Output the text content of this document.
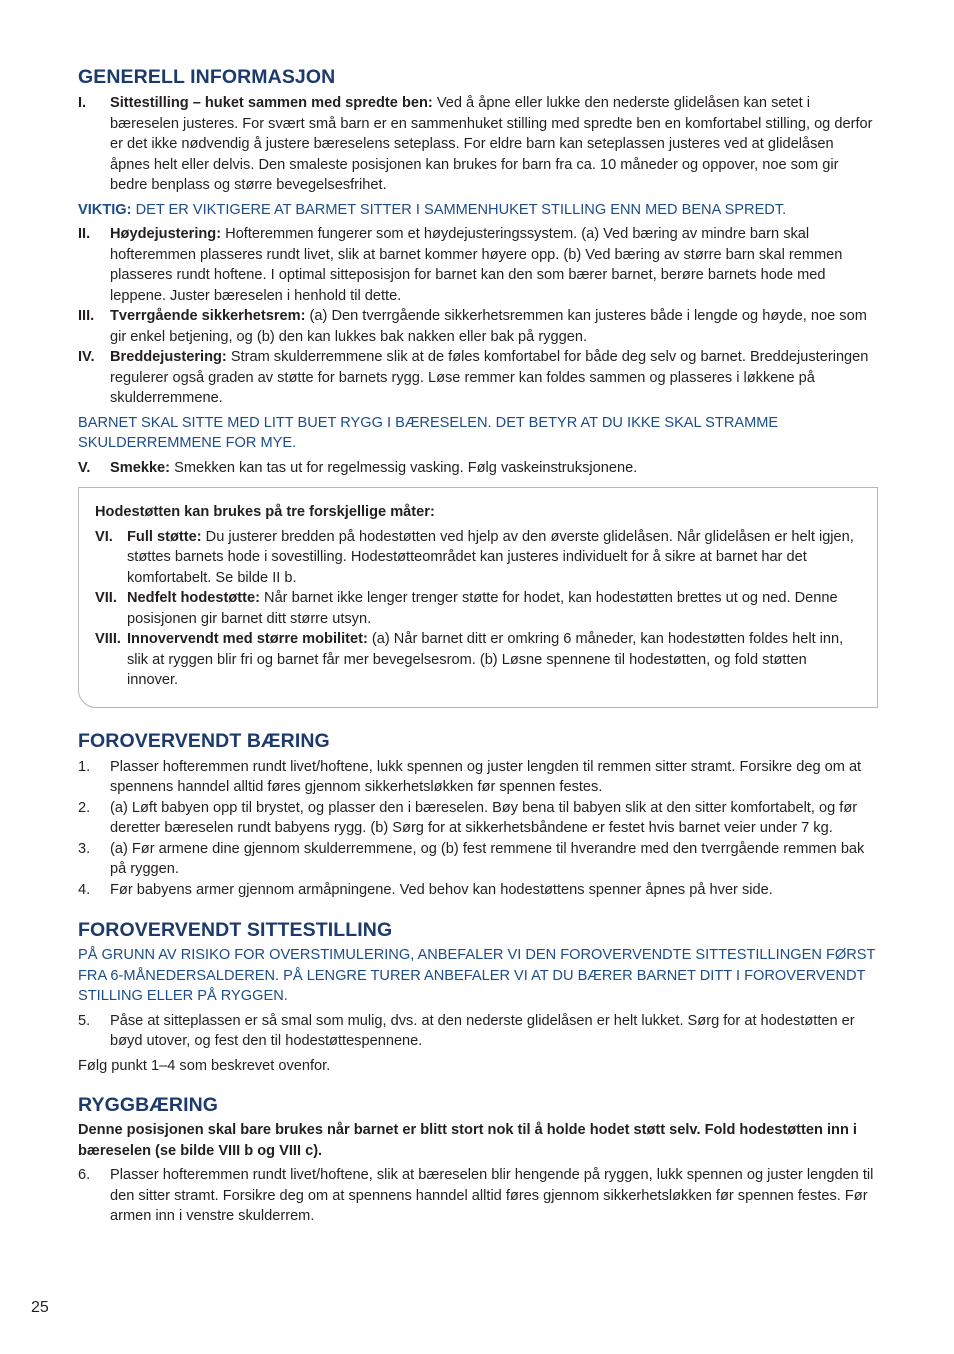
GENERELL INFORMASJON
I. Sittestilling – huket sammen med spredte ben: Ved å åpne eller lukke den nederste glidelåsen kan setet i bæreselen justeres. For svært små barn er en sammenhuket stilling med spredte ben en komfortabel stilling, og derfor er det ikke nødvendig å justere bæreselens seteplass. For eldre barn kan seteplassen justeres ved at glidelåsen åpnes helt eller delvis. Den smaleste posisjonen kan brukes for barn fra ca. 10 måneder og oppover, noe som gir bedre benplass og større bevegelsesfrihet.
VIKTIG: DET ER VIKTIGERE AT BARMET SITTER I SAMMENHUKET STILLING ENN MED BENA SPREDT.
II. Høydejustering: Hofteremmen fungerer som et høydejusteringssystem. (a) Ved bæring av mindre barn skal hofteremmen plasseres rundt livet, slik at barnet kommer høyere opp. (b) Ved bæring av større barn skal remmen plasseres rundt hoftene. I optimal sitteposisjon for barnet kan den som bærer barnet, berøre barnets hode med leppene. Juster bæreselen i henhold til dette.
III. Tverrgående sikkerhetsrem: (a) Den tverrgående sikkerhetsremmen kan justeres både i lengde og høyde, noe som gir enkel betjening, og (b) den kan lukkes bak nakken eller bak på ryggen.
IV. Breddejustering: Stram skulderremmene slik at de føles komfortabel for både deg selv og barnet. Breddejusteringen regulerer også graden av støtte for barnets rygg. Løse remmer kan foldes sammen og plasseres i løkkene på skulderremmene.
BARNET SKAL SITTE MED LITT BUET RYGG I BÆRESELEN. DET BETYR AT DU IKKE SKAL STRAMME SKULDERREMMENE FOR MYE.
V. Smekke: Smekken kan tas ut for regelmessig vasking. Følg vaskeinstruksjonene.
Hodestøtten kan brukes på tre forskjellige måter:
VI. Full støtte: Du justerer bredden på hodestøtten ved hjelp av den øverste glidelåsen. Når glidelåsen er helt igjen, støttes barnets hode i sovestilling. Hodestøtteområdet kan justeres individuelt for å sikre at barnet har det komfortabelt. Se bilde II b.
VII. Nedfelt hodestøtte: Når barnet ikke lenger trenger støtte for hodet, kan hodestøtten brettes ut og ned. Denne posisjonen gir barnet ditt større utsyn.
VIII. Innovervendt med større mobilitet: (a) Når barnet ditt er omkring 6 måneder, kan hodestøtten foldes helt inn, slik at ryggen blir fri og barnet får mer bevegelsesrom. (b) Løsne spennene til hodestøtten, og fold støtten innover.
FOROVERVENDT BÆRING
1. Plasser hofteremmen rundt livet/hoftene, lukk spennen og juster lengden til remmen sitter stramt. Forsikre deg om at spennens hanndel alltid føres gjennom sikkerhetsløkken før spennen festes.
2. (a) Løft babyen opp til brystet, og plasser den i bæreselen. Bøy bena til babyen slik at den sitter komfortabelt, og før deretter bæreselen rundt babyens rygg. (b) Sørg for at sikkerhetsbåndene er festet hvis barnet veier under 7 kg.
3. (a) Før armene dine gjennom skulderremmene, og (b) fest remmene til hverandre med den tverrgående remmen bak på ryggen.
4. Før babyens armer gjennom armåpningene. Ved behov kan hodestøttens spenner åpnes på hver side.
FOROVERVENDT SITTESTILLING
PÅ GRUNN AV RISIKO FOR OVERSTIMULERING, ANBEFALER VI DEN FOROVERVENDTE SITTESTILLINGEN FØRST FRA 6-MÅNEDERSALDEREN. PÅ LENGRE TURER ANBEFALER VI AT DU BÆRER BARNET DITT I FOROVERVENDT STILLING ELLER PÅ RYGGEN.
5. Påse at sitteplassen er så smal som mulig, dvs. at den nederste glidelåsen er helt lukket. Sørg for at hodestøtten er bøyd utover, og fest den til hodestøttespennene.
Følg punkt 1–4 som beskrevet ovenfor.
RYGGBÆRING
Denne posisjonen skal bare brukes når barnet er blitt stort nok til å holde hodet støtt selv. Fold hodestøtten inn i bæreselen (se bilde VIII b og VIII c).
6. Plasser hofteremmen rundt livet/hoftene, slik at bæreselen blir hengende på ryggen, lukk spennen og juster lengden til den sitter stramt. Forsikre deg om at spennens hanndel alltid føres gjennom sikkerhetsløkken før spennen festes. Før armen inn i venstre skulderrem.
25
